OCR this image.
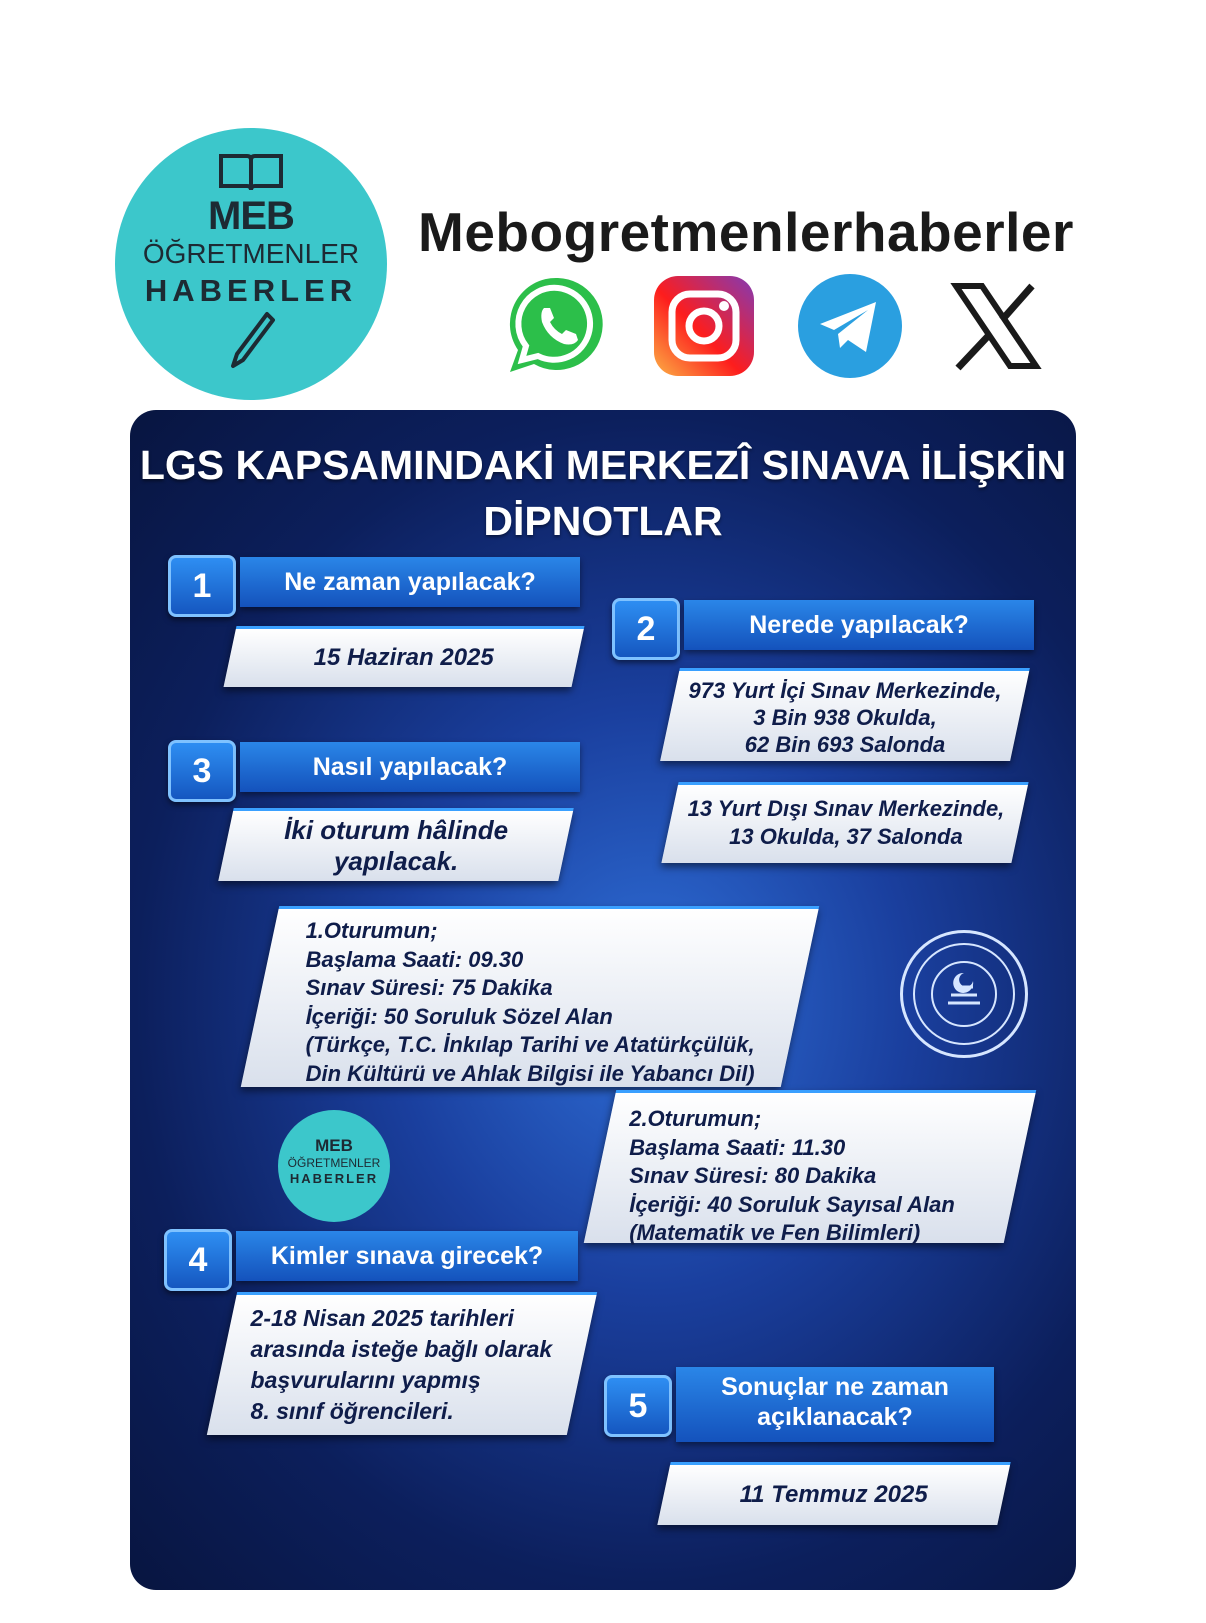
MEB
ÖĞRETMENLER
HABERLER
Mebogretmenlerhaberler
LGS KAPSAMINDAKİ MERKEZÎ SINAVA İLİŞKİN
DİPNOTLAR
1	Ne zaman yapılacak?
15 Haziran 2025
2	Nerede yapılacak?
973 Yurt İçi Sınav Merkezinde,
3 Bin 938 Okulda,
62 Bin 693 Salonda
13 Yurt Dışı Sınav Merkezinde,
13 Okulda, 37 Salonda
3	Nasıl yapılacak?
İki oturum hâlinde
yapılacak.
1.Oturumun;
Başlama Saati: 09.30
Sınav Süresi: 75 Dakika
İçeriği: 50 Soruluk Sözel Alan
(Türkçe, T.C. İnkılap Tarihi ve Atatürkçülük,
Din Kültürü ve Ahlak Bilgisi ile Yabancı Dil)
MEB
ÖĞRETMENLER
HABERLER
2.Oturumun;
Başlama Saati: 11.30
Sınav Süresi: 80 Dakika
İçeriği: 40 Soruluk Sayısal Alan
(Matematik ve Fen Bilimleri)
4	Kimler sınava girecek?
2-18 Nisan 2025 tarihleri
arasında isteğe bağlı olarak
başvurularını yapmış
8. sınıf öğrencileri.	5	Sonuçlar ne zaman
açıklanacak?
11 Temmuz 2025
